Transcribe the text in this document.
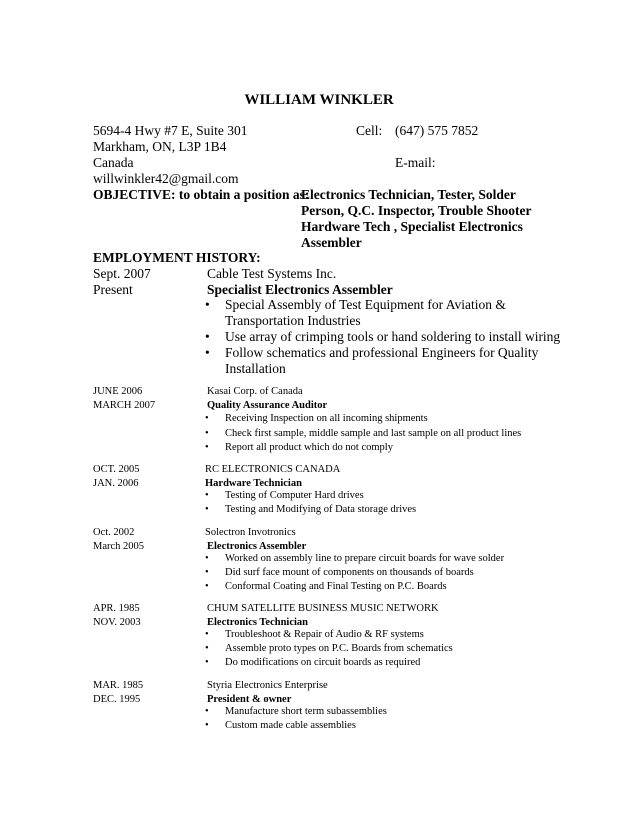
WILLIAM WINKLER
5694-4 Hwy #7 E, Suite 301
Markham, ON, L3P 1B4
Canada
willwinkler42@gmail.com
Cell: (647) 575 7852
E-mail:
OBJECTIVE: to obtain a position as:
Electronics Technician, Tester, Solder
Person, Q.C. Inspector, Trouble Shooter
Hardware Tech , Specialist Electronics
Assembler
EMPLOYMENT HISTORY:
Sept. 2007
Present
Cable Test Systems Inc.
Specialist Electronics Assembler
• Special Assembly of Test Equipment for Aviation &
Transportation Industries
• Use array of crimping tools or hand soldering to install wiring
• Follow schematics and professional Engineers for Quality
Installation
JUNE 2006
MARCH 2007
Kasai Corp. of Canada
Quality Assurance Auditor
• Receiving Inspection on all incoming shipments
• Check first sample, middle sample and last sample on all product lines
• Report all product which do not comply
OCT. 2005
JAN. 2006
RC ELECTRONICS CANADA
Hardware Technician
• Testing of Computer Hard drives
• Testing and Modifying of Data storage drives
Oct. 2002
March 2005
Solectron Invotronics
Electronics Assembler
• Worked on assembly line to prepare circuit boards for wave solder
• Did surf face mount of components on thousands of boards
• Conformal Coating and Final Testing on P.C. Boards
APR. 1985
NOV. 2003
CHUM SATELLITE BUSINESS MUSIC NETWORK
Electronics Technician
• Troubleshoot & Repair of Audio & RF systems
• Assemble proto types on P.C. Boards from schematics
• Do modifications on circuit boards as required
MAR. 1985
DEC. 1995
Styria Electronics Enterprise
President & owner
• Manufacture short term subassemblies
• Custom made cable assemblies
